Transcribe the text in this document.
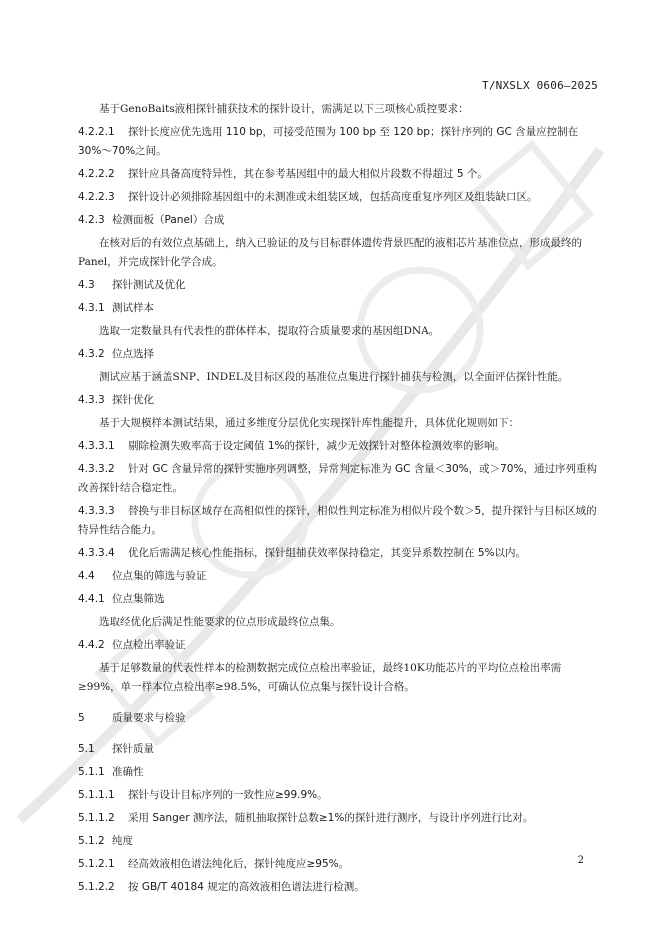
T/NXSLX 0606—2025

基于GenoBaits液相探针捕获技术的探针设计，需满足以下三项核心质控要求：

4.2.2.1 探针长度应优先选用 110 bp，可接受范围为 100 bp 至 120 bp；探针序列的 GC 含量应控制在 30%～70%之间。

4.2.2.2 探针应具备高度特异性，其在参考基因组中的最大相似片段数不得超过 5 个。

4.2.2.3 探针设计必须排除基因组中的未测准或未组装区域，包括高度重复序列区及组装缺口区。

4.2.3 检测面板（Panel）合成

在核对后的有效位点基础上，纳入已验证的及与目标群体遗传背景匹配的液相芯片基准位点，形成最终的Panel，并完成探针化学合成。

4.3 探针测试及优化

4.3.1 测试样本

选取一定数量具有代表性的群体样本，提取符合质量要求的基因组DNA。

4.3.2 位点选择

测试应基于涵盖SNP、INDEL及目标区段的基准位点集进行探针捕获与检测，以全面评估探针性能。

4.3.3 探针优化

基于大规模样本测试结果，通过多维度分层优化实现探针库性能提升，具体优化规则如下：

4.3.3.1 剔除检测失败率高于设定阈值 1%的探针，减少无效探针对整体检测效率的影响。

4.3.3.2 针对 GC 含量异常的探针实施序列调整，异常判定标准为 GC 含量＜30%，或＞70%，通过序列重构改善探针结合稳定性。

4.3.3.3 替换与非目标区域存在高相似性的探针，相似性判定标准为相似片段个数＞5，提升探针与目标区域的特异性结合能力。

4.3.3.4 优化后需满足核心性能指标，探针组捕获效率保持稳定，其变异系数控制在 5%以内。

4.4 位点集的筛选与验证

4.4.1 位点集筛选

选取经优化后满足性能要求的位点形成最终位点集。

4.4.2 位点检出率验证

基于足够数量的代表性样本的检测数据完成位点检出率验证，最终10K功能芯片的平均位点检出率需≥99%，单一样本位点检出率≥98.5%，可确认位点集与探针设计合格。

5	质量要求与检验

5.1 探针质量

5.1.1 准确性

5.1.1.1 探针与设计目标序列的一致性应≥99.9%。

5.1.1.2 采用 Sanger 测序法，随机抽取探针总数≥1%的探针进行测序，与设计序列进行比对。

5.1.2 纯度

5.1.2.1 经高效液相色谱法纯化后，探针纯度应≥95%。

5.1.2.2 按 GB/T 40184 规定的高效液相色谱法进行检测。

2
